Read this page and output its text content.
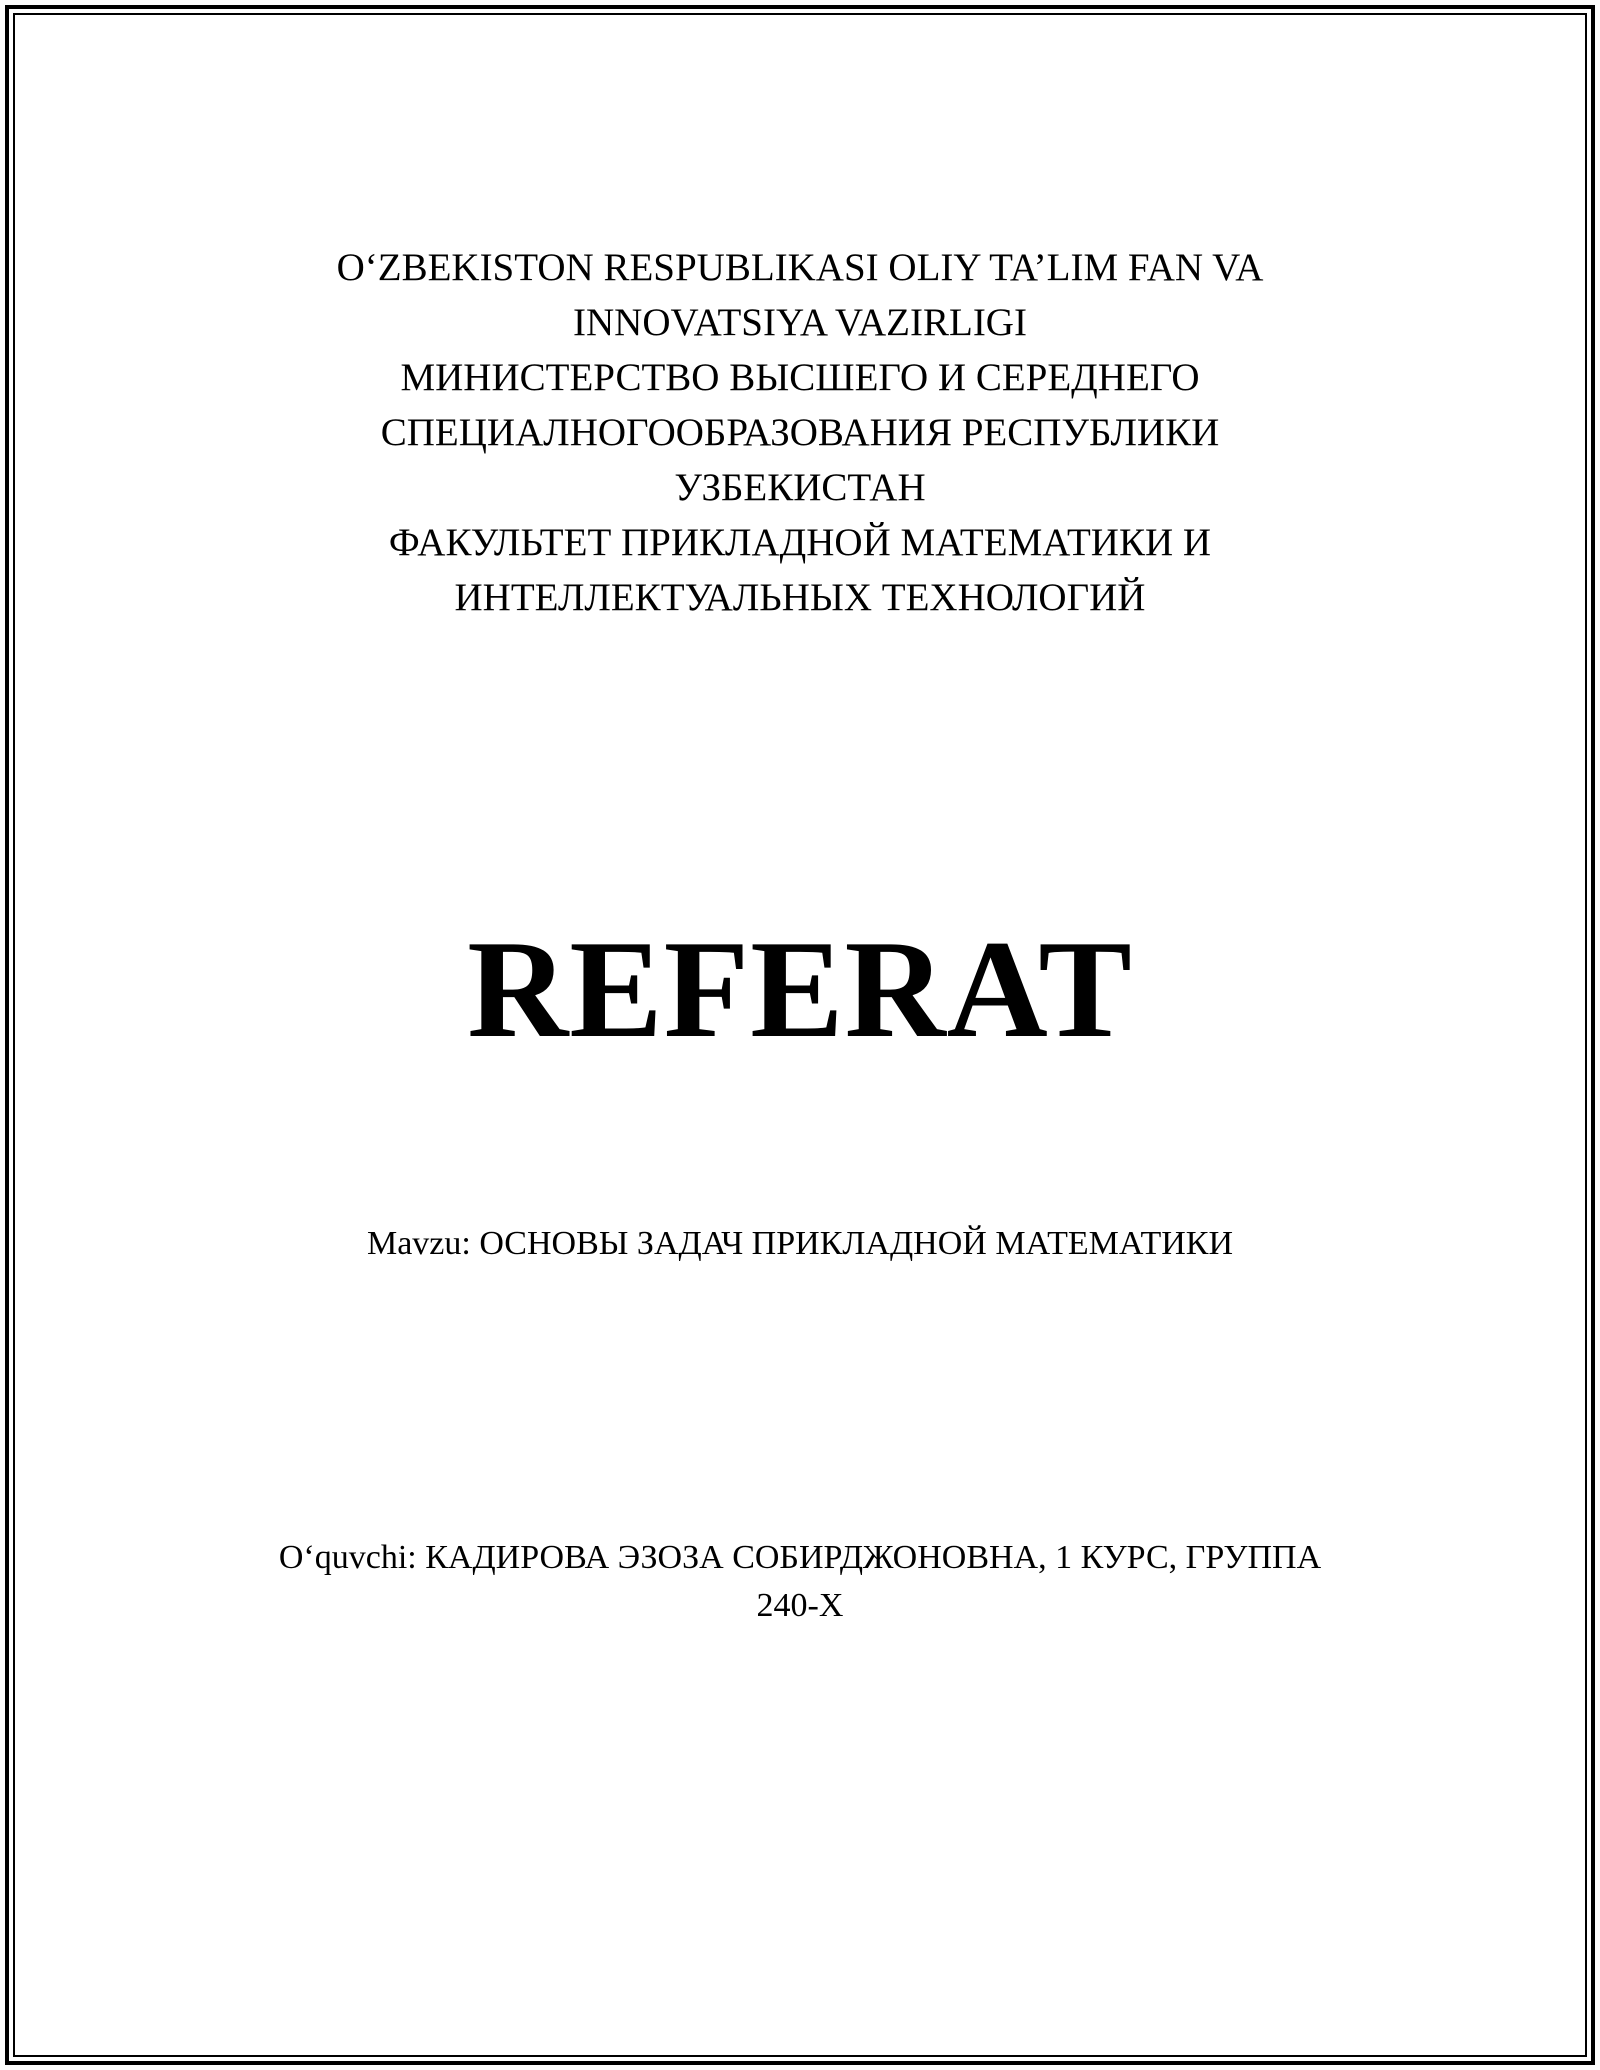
O‘ZBEKISTON RESPUBLIKASI OLIY TA’LIM FAN VA
INNOVATSIYA VAZIRLIGI
МИНИСТЕРСТВО ВЫСШЕГО И СЕРЕДНЕГО
СПЕЦИАЛНОГООБРАЗОВАНИЯ РЕСПУБЛИКИ
УЗБЕКИСТАН
ФАКУЛЬТЕТ ПРИКЛАДНОЙ МАТЕМАТИКИ И
ИНТЕЛЛЕКТУАЛЬНЫХ ТЕХНОЛОГИЙ
REFERAT
Mavzu: ОСНОВЫ ЗАДАЧ ПРИКЛАДНОЙ МАТЕМАТИКИ
O‘quvchi: КАДИРОВА ЭЗОЗА СОБИРДЖОНОВНА, 1 КУРС, ГРУППА
240-X
